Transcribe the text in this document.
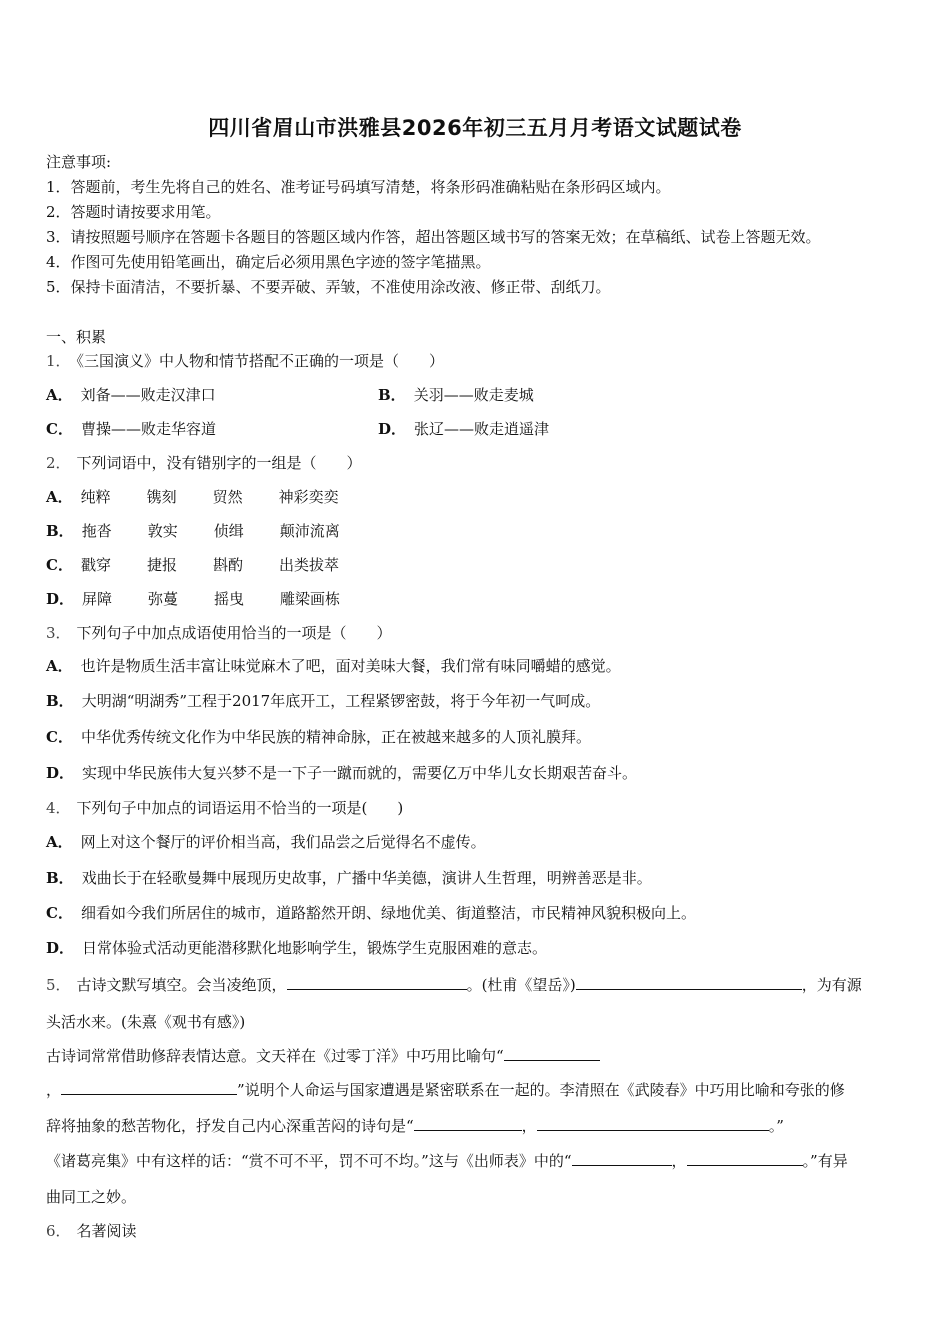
四川省眉山市洪雅县2026年初三五月月考语文试题试卷
注意事项:
1．答题前，考生先将自己的姓名、准考证号码填写清楚，将条形码准确粘贴在条形码区域内。
2．答题时请按要求用笔。
3．请按照题号顺序在答题卡各题目的答题区域内作答，超出答题区域书写的答案无效；在草稿纸、试卷上答题无效。
4．作图可先使用铅笔画出，确定后必须用黑色字迹的签字笔描黑。
5．保持卡面清洁，不要折暴、不要弄破、弄皱，不准使用涂改液、修正带、刮纸刀。
一、积累
1． 《三国演义》中人物和情节搭配不正确的一项是（　　）
A． 刘备——败走汉津口	B． 关羽——败走麦城
C． 曹操——败走华容道	D． 张辽——败走逍遥津
2． 下列词语中，没有错别字的一组是（　　）
A． 纯粹 镌刻 贸然 神彩奕奕
B． 拖沓 敦实 侦缉 颠沛流离
C． 戳穿 捷报 斟酌 出类拔萃
D． 屏障 弥蔓 摇曳 雕梁画栋
3． 下列句子中加点成语使用恰当的一项是（　　）
A． 也许是物质生活丰富让味觉麻木了吧，面对美味大餐，我们常有味同嚼蜡的感觉。
B． 大明湖“明湖秀”工程于2017年底开工，工程紧锣密鼓，将于今年初一气呵成。
C． 中华优秀传统文化作为中华民族的精神命脉，正在被越来越多的人顶礼膜拜。
D． 实现中华民族伟大复兴梦不是一下子一蹴而就的，需要亿万中华儿女长期艰苦奋斗。
4． 下列句子中加点的词语运用不恰当的一项是(　　)
A． 网上对这个餐厅的评价相当高，我们品尝之后觉得名不虚传。
B． 戏曲长于在轻歌曼舞中展现历史故事，广播中华美德，演讲人生哲理，明辨善恶是非。
C． 细看如今我们所居住的城市，道路豁然开朗、绿地优美、街道整洁，市民精神风貌积极向上。
D． 日常体验式活动更能潜移默化地影响学生，锻炼学生克服困难的意志。
5． 古诗文默写填空。会当凌绝顶，	。(杜甫《望岳》)	，为有源
头活水来。(朱熹《观书有感》)
古诗词常常借助修辞表情达意。文天祥在《过零丁洋》中巧用比喻句“
，	”说明个人命运与国家遭遇是紧密联系在一起的。李清照在《武陵春》中巧用比喻和夸张的修
辞将抽象的愁苦物化，抒发自己内心深重苦闷的诗句是“	，	。”
《诸葛亮集》中有这样的话：“赏不可不平，罚不可不均。”这与《出师表》中的“	，	。”有异
曲同工之妙。
6． 名著阅读
